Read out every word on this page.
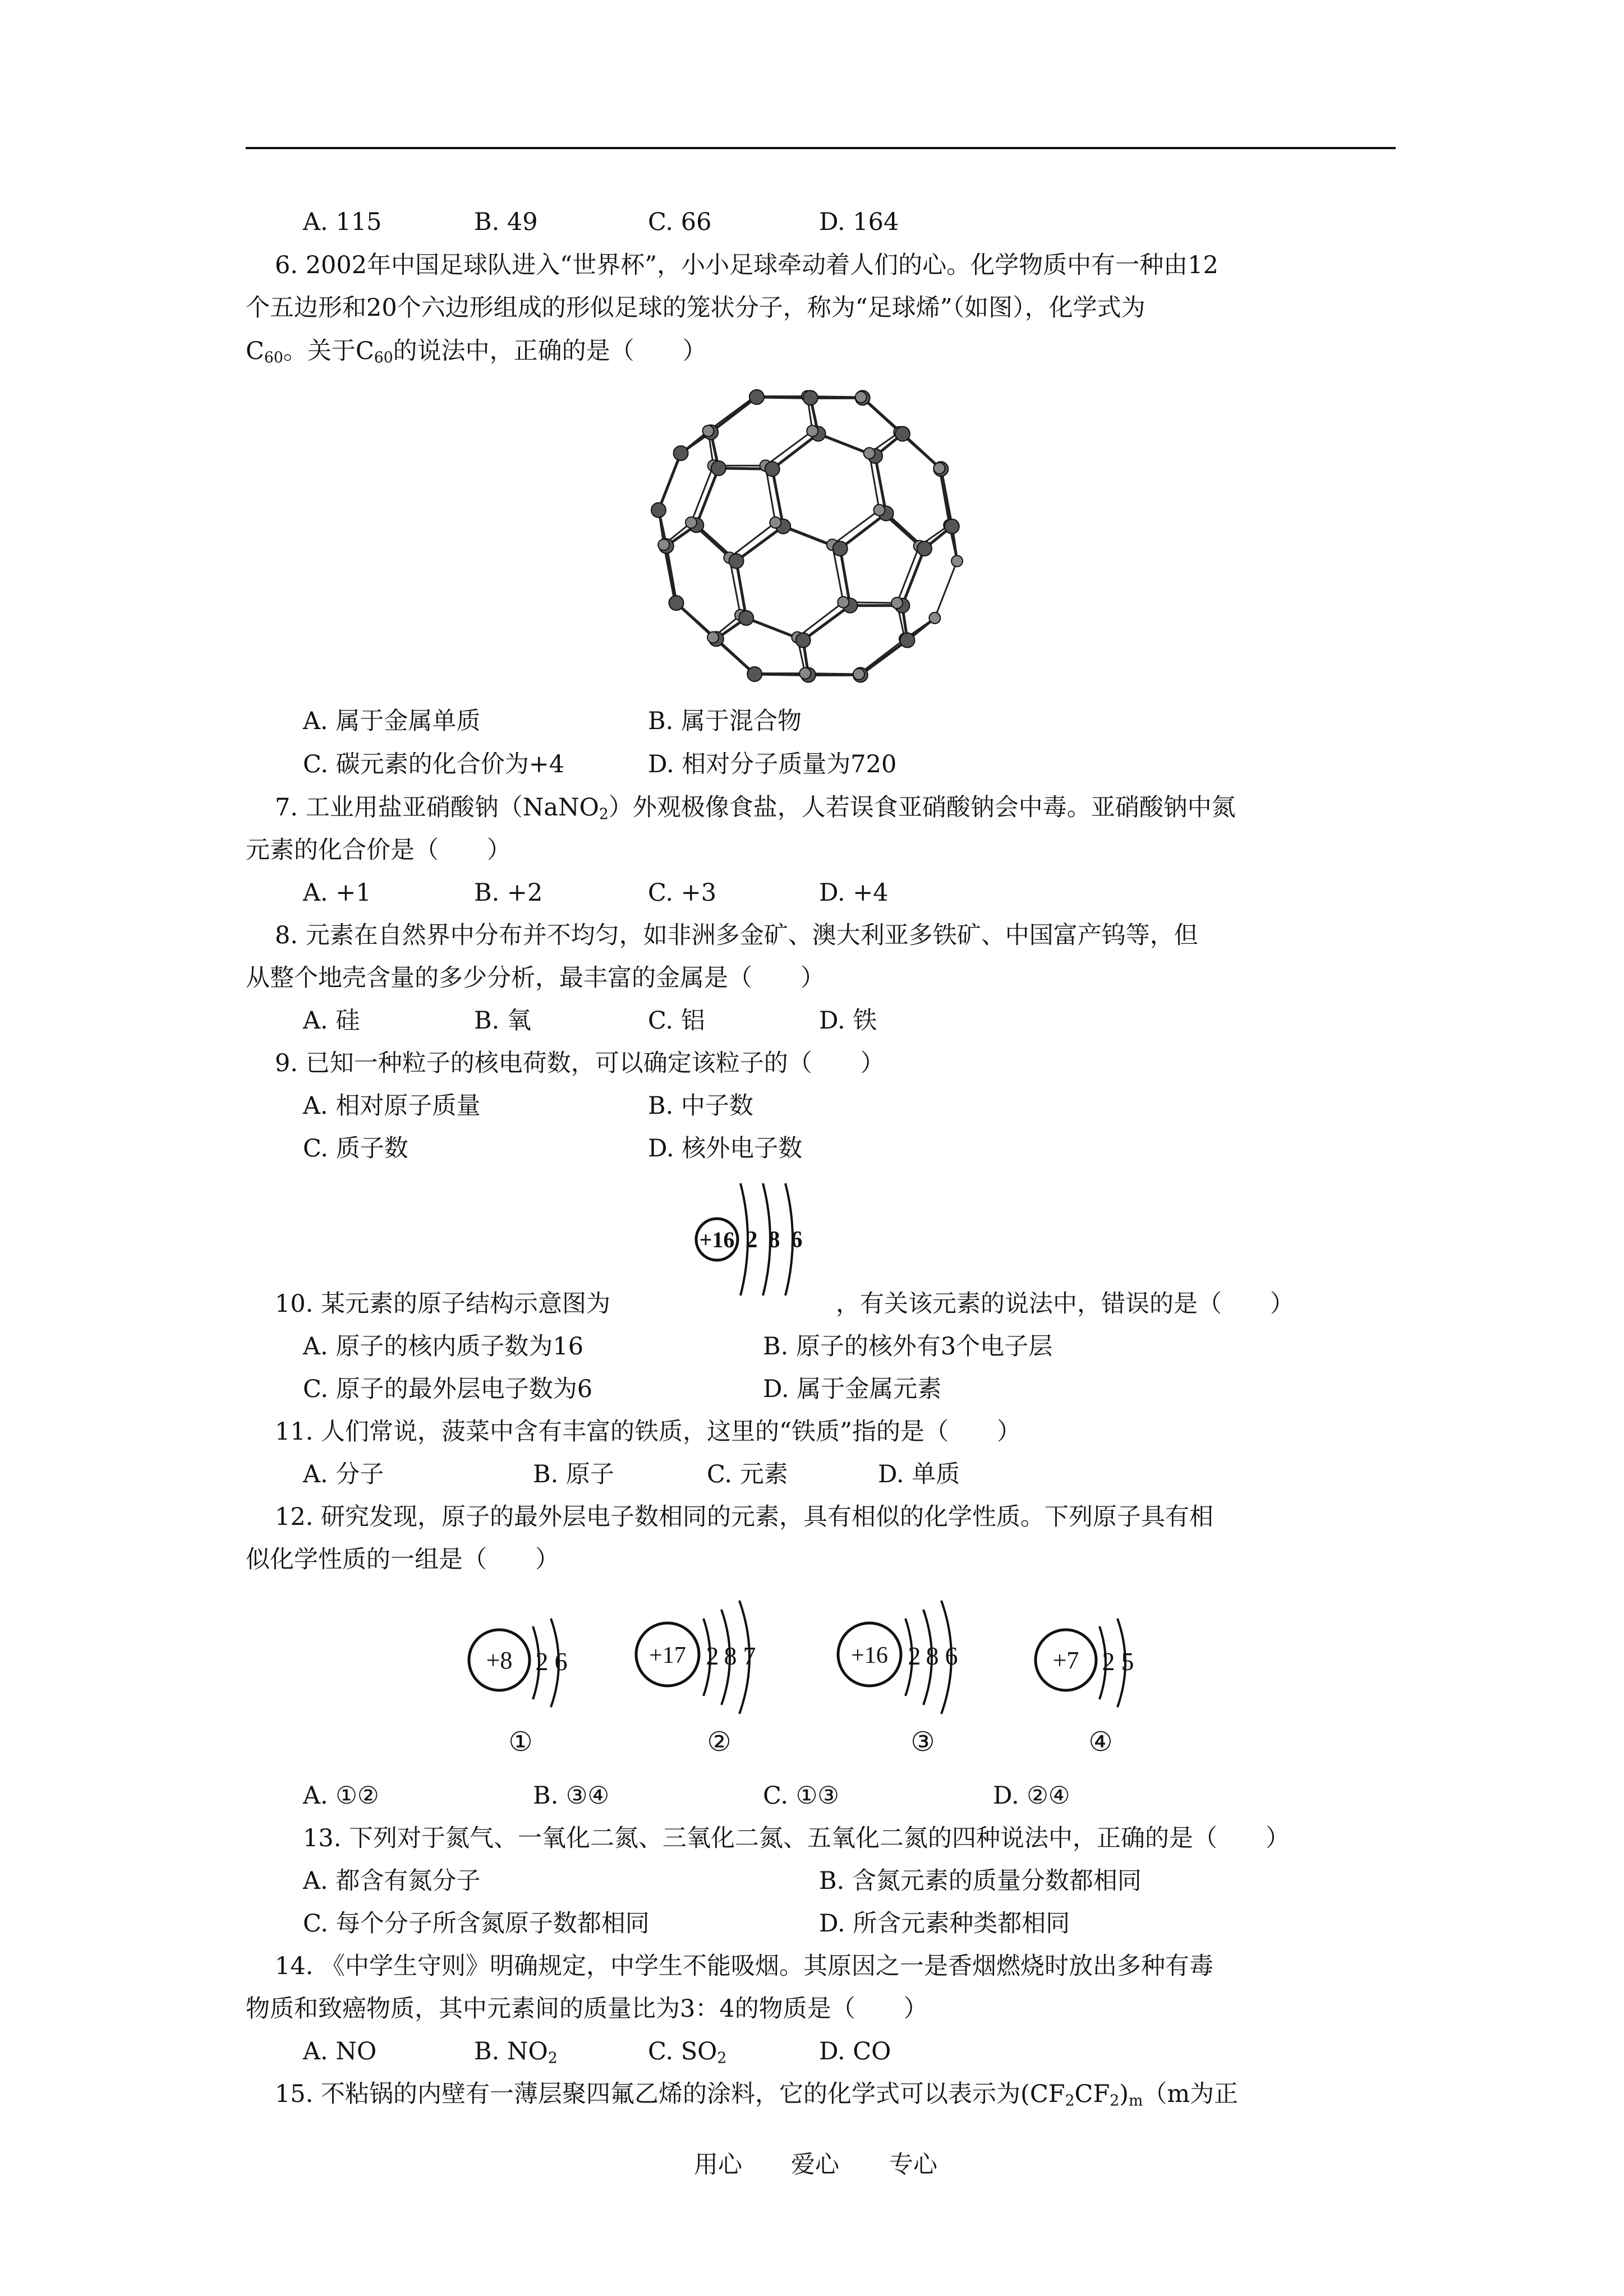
A. 115	B. 49	C. 66	D. 164
6. 2002年中国足球队进入“世界杯”，小小足球牵动着人们的心。化学物质中有一种由12
个五边形和20个六边形组成的形似足球的笼状分子，称为“足球烯”（如图），化学式为
$C_{60}$。关于$C_{60}$的说法中，正确的是（　　）
A. 属于金属单质	B. 属于混合物
C. 碳元素的化合价为+4	D. 相对分子质量为720
7. 工业用盐亚硝酸钠（NaNO$_2$）外观极像食盐，人若误食亚硝酸钠会中毒。亚硝酸钠中氮
元素的化合价是（　　）
A. +1	B. +2	C. +3	D. +4
8. 元素在自然界中分布并不均匀，如非洲多金矿、澳大利亚多铁矿、中国富产钨等，但
从整个地壳含量的多少分析，最丰富的金属是（　　）
A. 硅	B. 氧	C. 铝	D. 铁
9. 已知一种粒子的核电荷数，可以确定该粒子的（　　）
A. 相对原子质量	B. 中子数
C. 质子数	D. 核外电子数
+16 2 8 6
10. 某元素的原子结构示意图为	，有关该元素的说法中，错误的是（　　）
A. 原子的核内质子数为16	B. 原子的核外有3个电子层
C. 原子的最外层电子数为6	D. 属于金属元素
11. 人们常说，菠菜中含有丰富的铁质，这里的“铁质”指的是（　　）
A. 分子	B. 原子	C. 元素	D. 单质
12. 研究发现，原子的最外层电子数相同的元素，具有相似的化学性质。下列原子具有相
似化学性质的一组是（　　）
+8 2 6
①
+17 2 8 7
②
+16 2 8 6
③
+7 2 5
④
A. ①②	B. ③④	C. ①③	D. ②④
13. 下列对于氮气、一氧化二氮、三氧化二氮、五氧化二氮的四种说法中，正确的是（　　）
A. 都含有氮分子	B. 含氮元素的质量分数都相同
C. 每个分子所含氮原子数都相同	D. 所含元素种类都相同
14. 《中学生守则》明确规定，中学生不能吸烟。其原因之一是香烟燃烧时放出多种有毒
物质和致癌物质，其中元素间的质量比为3：4的物质是（　　）
A. NO	B. $NO_2$	C. $SO_2$	D. CO
15. 不粘锅的内壁有一薄层聚四氟乙烯的涂料，它的化学式可以表示为$(CF_2CF_2)_m(m$为正
用心 爱心 专心
